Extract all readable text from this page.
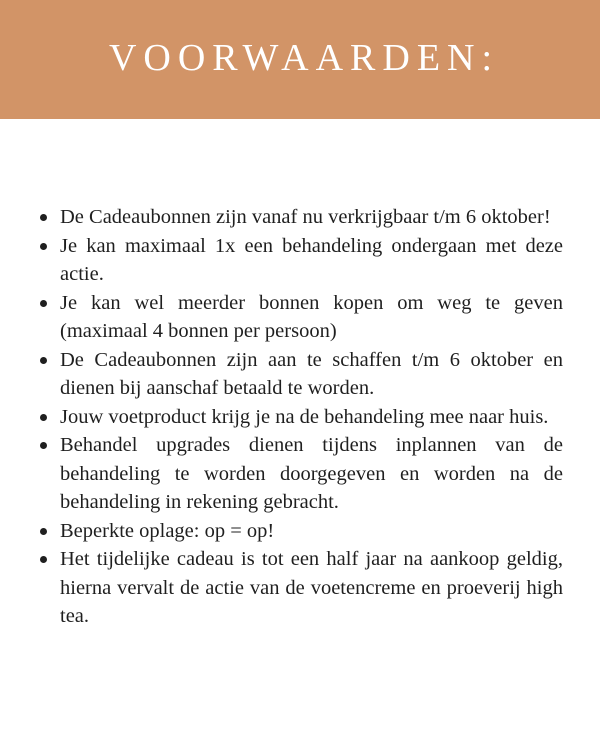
VOORWAARDEN:
De Cadeaubonnen zijn vanaf nu verkrijgbaar t/m 6 oktober!
Je kan maximaal 1x een behandeling ondergaan met deze actie.
Je kan wel meerder bonnen kopen om weg te geven (maximaal 4 bonnen per persoon)
De Cadeaubonnen zijn aan te schaffen t/m 6 oktober en dienen bij aanschaf betaald te worden.
Jouw voetproduct krijg je na de behandeling mee naar huis.
Behandel upgrades dienen tijdens inplannen van de behandeling te worden doorgegeven en worden na de behandeling in rekening gebracht.
Beperkte oplage: op = op!
Het tijdelijke cadeau is tot een half jaar na aankoop geldig, hierna vervalt de actie van de voetencreme en proeverij high tea.
